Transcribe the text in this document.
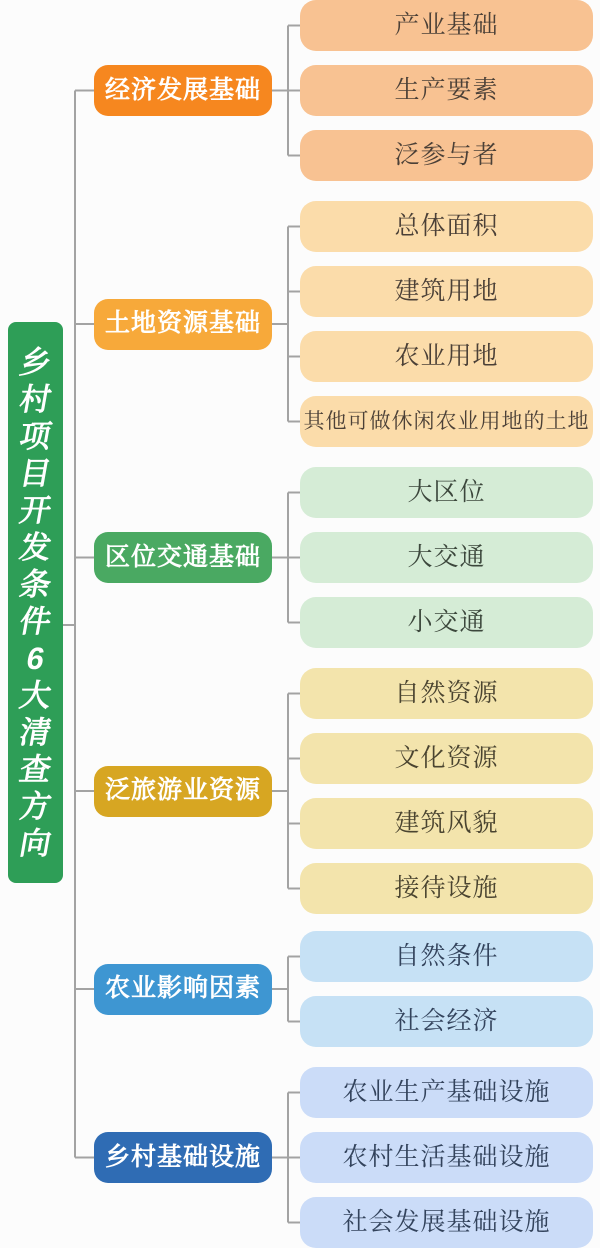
乡
村
项
目
开
发
条
件
6
大
清
查
方
向
经济发展基础
产业基础
生产要素
泛参与者
土地资源基础
总体面积
建筑用地
农业用地
其他可做休闲农业用地的土地
区位交通基础
大区位
大交通
小交通
泛旅游业资源
自然资源
文化资源
建筑风貌
接待设施
农业影响因素
自然条件
社会经济
乡村基础设施
农业生产基础设施
农村生活基础设施
社会发展基础设施
